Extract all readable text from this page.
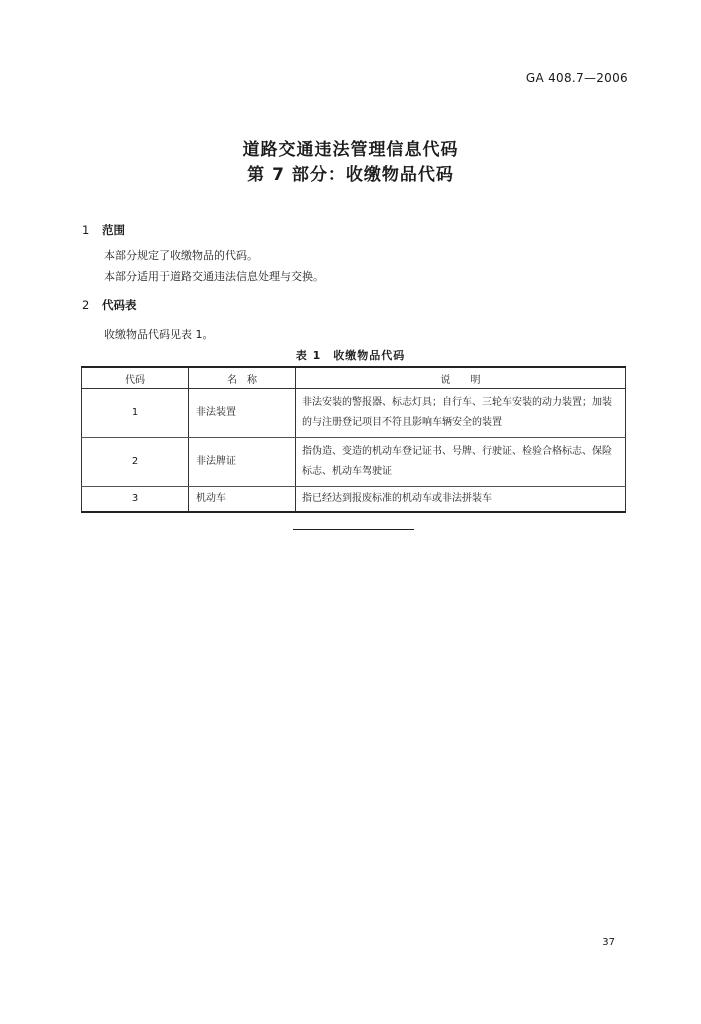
GA 408.7—2006
道路交通违法管理信息代码
第 7 部分：收缴物品代码
1 范围
本部分规定了收缴物品的代码。
本部分适用于道路交通违法信息处理与交换。
2 代码表
收缴物品代码见表 1。
表 1　收缴物品代码
代码	名　称	说　　明
1	非法装置	非法安装的警报器、标志灯具；自行车、三轮车安装的动力装置；加装的与注册登记项目不符且影响车辆安全的装置
2	非法牌证	指伪造、变造的机动车登记证书、号牌、行驶证、检验合格标志、保险标志、机动车驾驶证
3	机动车	指已经达到报废标准的机动车或非法拼装车
37
